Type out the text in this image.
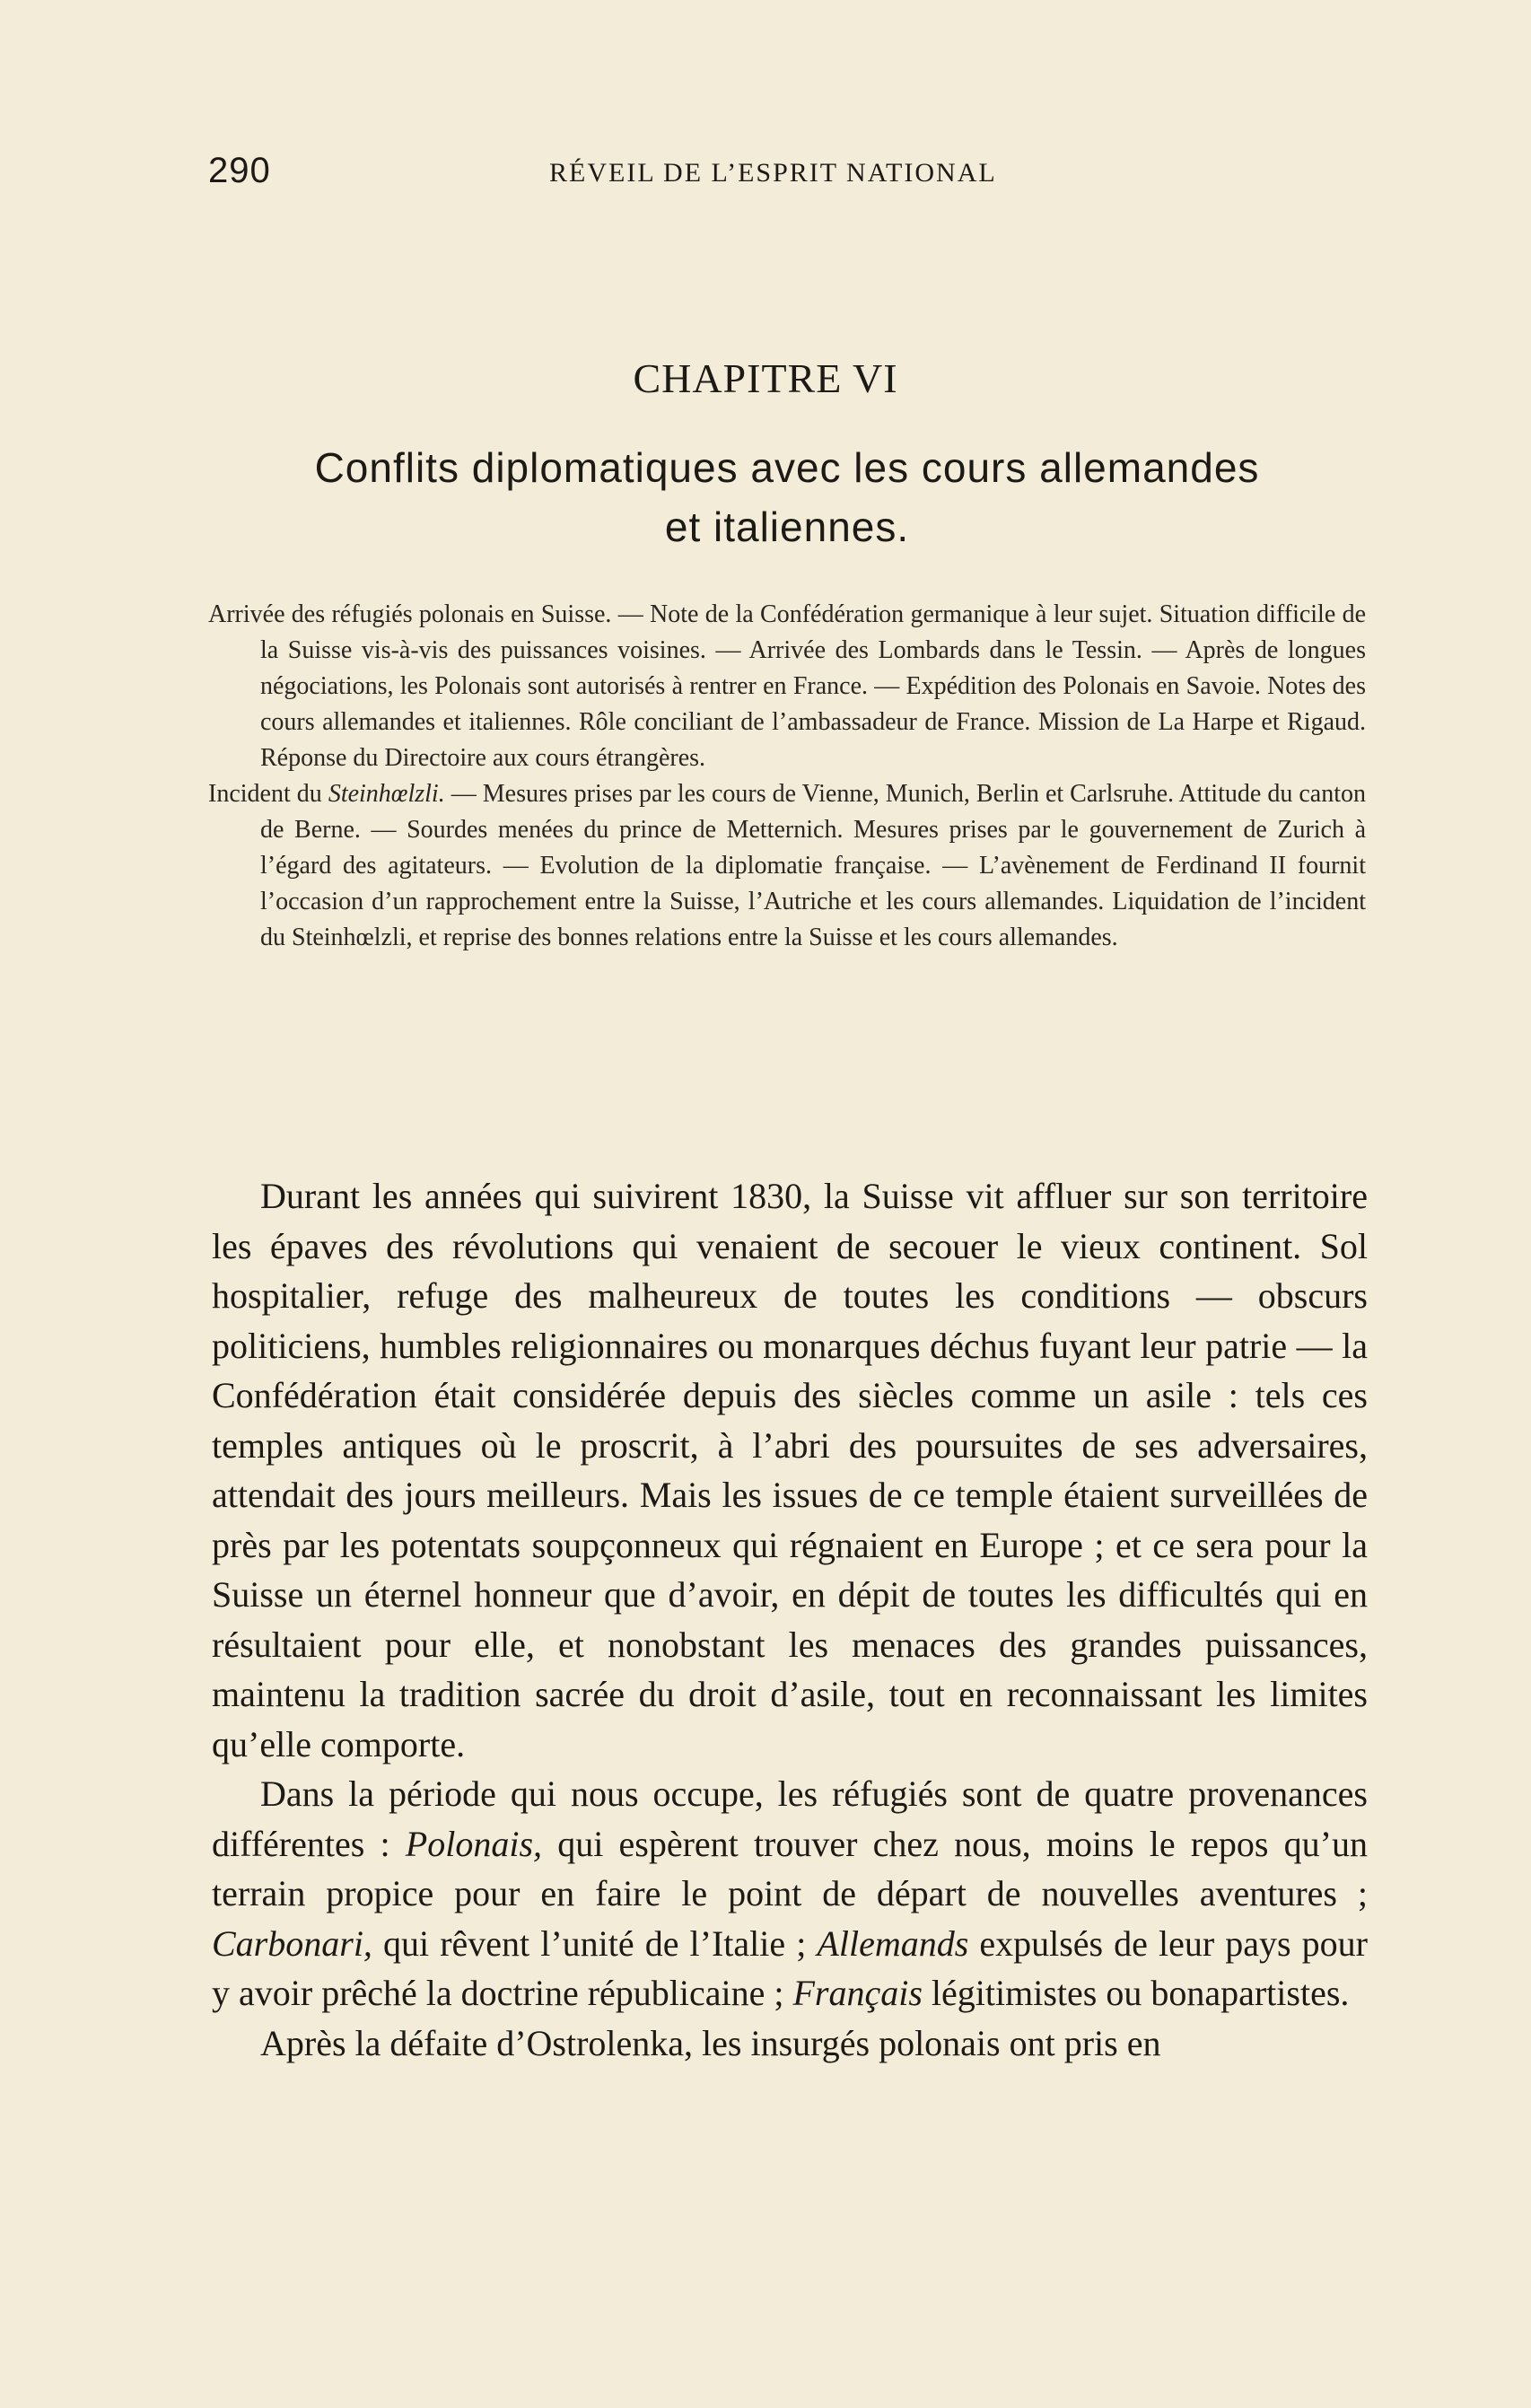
290	RÉVEIL DE L’ESPRIT NATIONAL
CHAPITRE VI
Conflits diplomatiques avec les cours allemandes
et italiennes.

Arrivée des réfugiés polonais en Suisse. — Note de la Confédération germanique à leur sujet. Situation difficile de la Suisse vis-à-vis des puissances voisines. — Arrivée des Lombards dans le Tessin. — Après de longues négociations, les Polonais sont autorisés à rentrer en France. — Expédition des Polonais en Savoie. Notes des cours allemandes et italiennes. Rôle conciliant de l’ambassadeur de France. Mission de La Harpe et Rigaud. Réponse du Directoire aux cours étrangères.

Incident du Steinhœlzli. — Mesures prises par les cours de Vienne, Munich, Berlin et Carlsruhe. Attitude du canton de Berne. — Sourdes menées du prince de Metternich. Mesures prises par le gouvernement de Zurich à l’égard des agitateurs. — Evolution de la diplomatie française. — L’avènement de Ferdinand II fournit l’occasion d’un rapprochement entre la Suisse, l’Autriche et les cours allemandes. Liquidation de l’incident du Steinhœlzli, et reprise des bonnes relations entre la Suisse et les cours allemandes.

Durant les années qui suivirent 1830, la Suisse vit affluer sur son territoire les épaves des révolutions qui venaient de secouer le vieux continent. Sol hospitalier, refuge des malheureux de toutes les conditions — obscurs politiciens, humbles religionnaires ou monarques déchus fuyant leur patrie — la Confédération était considérée depuis des siècles comme un asile : tels ces temples antiques où le proscrit, à l’abri des poursuites de ses adversaires, attendait des jours meilleurs. Mais les issues de ce temple étaient surveillées de près par les potentats soupçonneux qui régnaient en Europe ; et ce sera pour la Suisse un éternel honneur que d’avoir, en dépit de toutes les difficultés qui en résultaient pour elle, et nonobstant les menaces des grandes puissances, maintenu la tradition sacrée du droit d’asile, tout en reconnaissant les limites qu’elle comporte.

Dans la période qui nous occupe, les réfugiés sont de quatre provenances différentes : Polonais, qui espèrent trouver chez nous, moins le repos qu’un terrain propice pour en faire le point de départ de nouvelles aventures ; Carbonari, qui rêvent l’unité de l’Italie ; Allemands expulsés de leur pays pour y avoir prêché la doctrine républicaine ; Français légitimistes ou bonapartistes.

Après la défaite d’Ostrolenka, les insurgés polonais ont pris en
